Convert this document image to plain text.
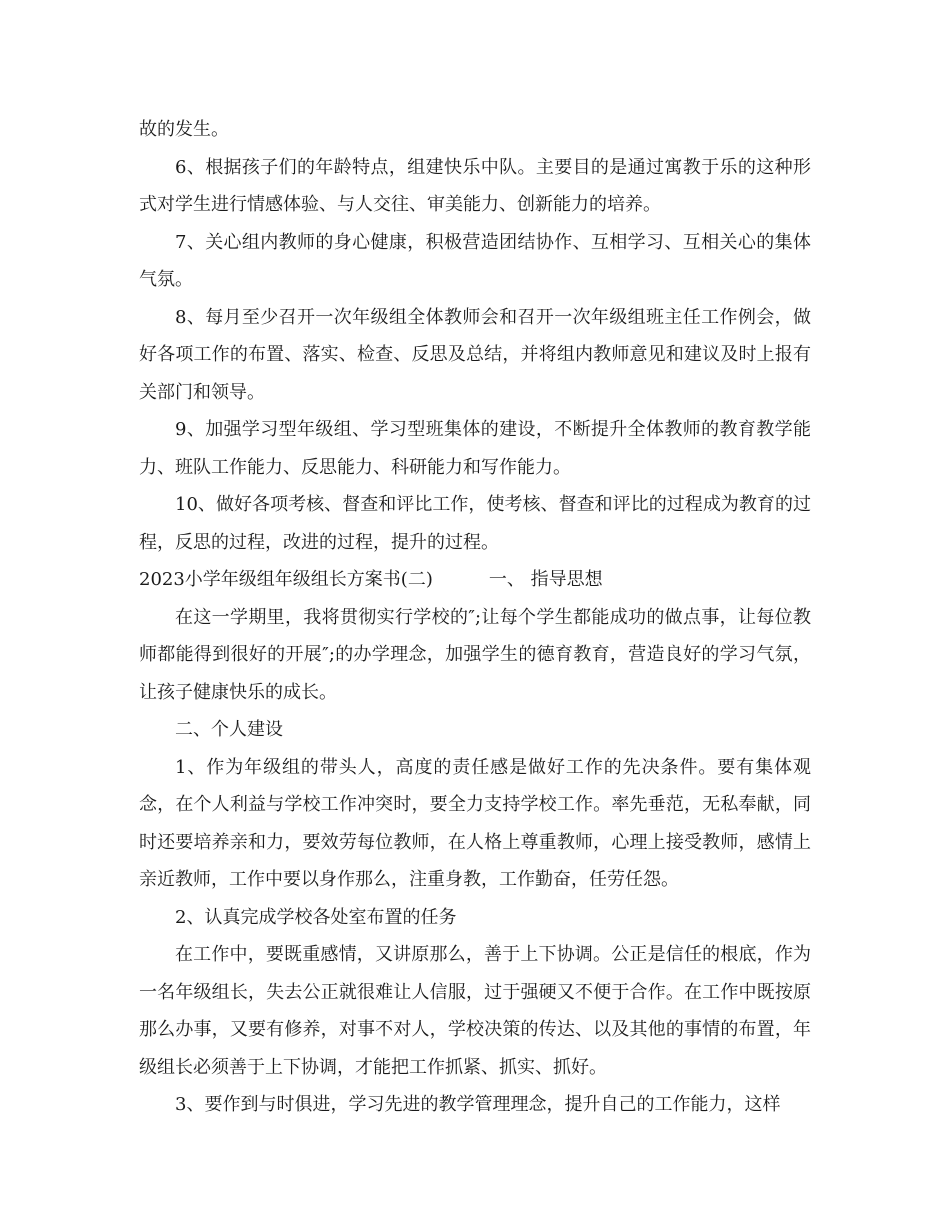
故的发生。

6、根据孩子们的年龄特点，组建快乐中队。主要目的是通过寓教于乐的这种形式对学生进行情感体验、与人交往、审美能力、创新能力的培养。

7、关心组内教师的身心健康，积极营造团结协作、互相学习、互相关心的集体气氛。

8、每月至少召开一次年级组全体教师会和召开一次年级组班主任工作例会，做好各项工作的布置、落实、检查、反思及总结，并将组内教师意见和建议及时上报有关部门和领导。

9、加强学习型年级组、学习型班集体的建设，不断提升全体教师的教育教学能力、班队工作能力、反思能力、科研能力和写作能力。

10、做好各项考核、督查和评比工作，使考核、督查和评比的过程成为教育的过程，反思的过程，改进的过程，提升的过程。

2023小学年级组年级组长方案书(二)	一、 指导思想

在这一学期里，我将贯彻实行学校的″;让每个学生都能成功的做点事，让每位教师都能得到很好的开展″;的办学理念，加强学生的德育教育，营造良好的学习气氛，让孩子健康快乐的成长。

二、个人建设

1、作为年级组的带头人，高度的责任感是做好工作的先决条件。要有集体观念，在个人利益与学校工作冲突时，要全力支持学校工作。率先垂范，无私奉献，同时还要培养亲和力，要效劳每位教师，在人格上尊重教师，心理上接受教师，感情上亲近教师，工作中要以身作那么，注重身教，工作勤奋，任劳任怨。

2、认真完成学校各处室布置的任务

在工作中，要既重感情，又讲原那么，善于上下协调。公正是信任的根底，作为一名年级组长，失去公正就很难让人信服，过于强硬又不便于合作。在工作中既按原那么办事，又要有修养，对事不对人，学校决策的传达、以及其他的事情的布置，年级组长必须善于上下协调，才能把工作抓紧、抓实、抓好。

3、要作到与时俱进，学习先进的教学管理理念，提升自己的工作能力，这样
